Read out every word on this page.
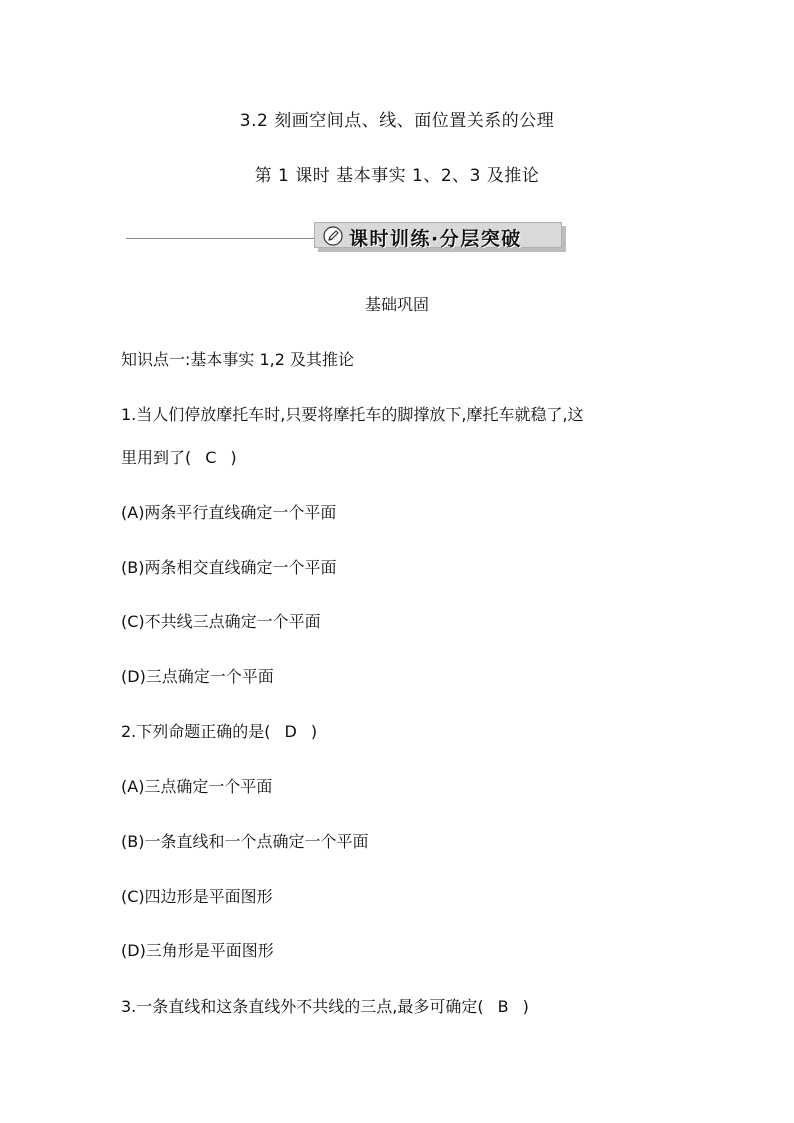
3.2 刻画空间点、线、面位置关系的公理
第 1 课时 基本事实 1、2、3 及推论
课时训练·分层突破
基础巩固
知识点一:基本事实 1,2 及其推论
1.当人们停放摩托车时,只要将摩托车的脚撑放下,摩托车就稳了,这
里用到了( C )
(A)两条平行直线确定一个平面
(B)两条相交直线确定一个平面
(C)不共线三点确定一个平面
(D)三点确定一个平面
2.下列命题正确的是( D )
(A)三点确定一个平面
(B)一条直线和一个点确定一个平面
(C)四边形是平面图形
(D)三角形是平面图形
3.一条直线和这条直线外不共线的三点,最多可确定( B )
